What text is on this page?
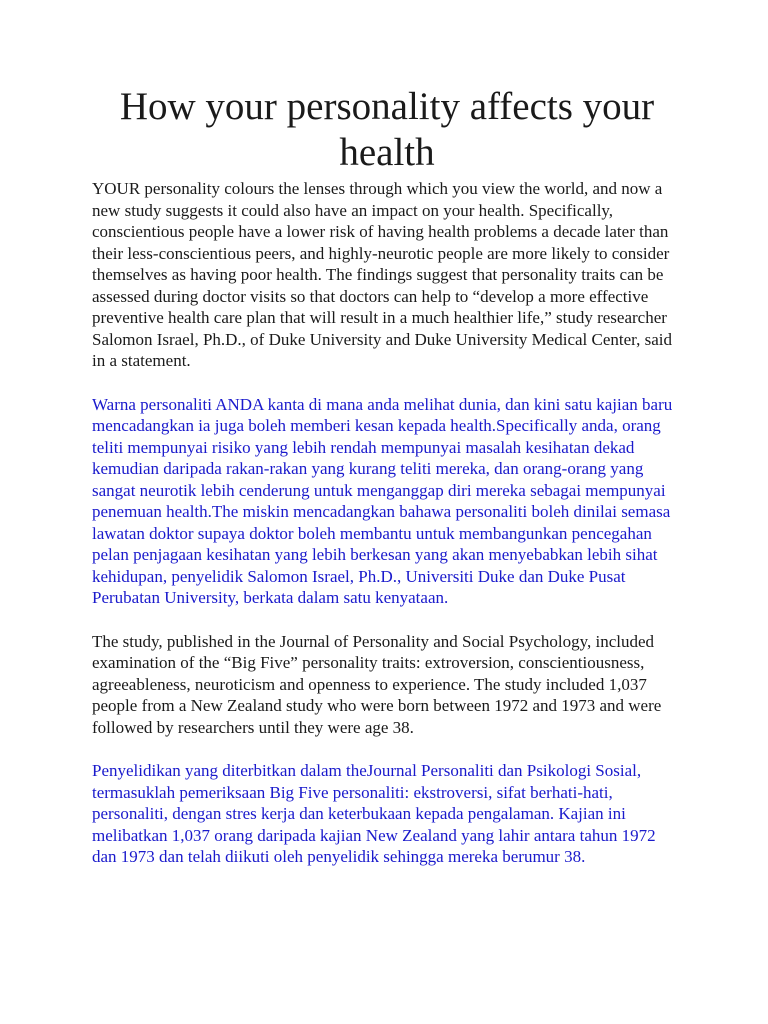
How your personality affects your health

YOUR personality colours the lenses through which you view the world, and now a new study suggests it could also have an impact on your health. Specifically, conscientious people have a lower risk of having health problems a decade later than their less-conscientious peers, and highly-neurotic people are more likely to consider themselves as having poor health. The findings suggest that personality traits can be assessed during doctor visits so that doctors can help to “develop a more effective preventive health care plan that will result in a much healthier life,” study researcher Salomon Israel, Ph.D., of Duke University and Duke University Medical Center, said in a statement.

Warna personaliti ANDA kanta di mana anda melihat dunia, dan kini satu kajian baru mencadangkan ia juga boleh memberi kesan kepada health.Specifically anda, orang teliti mempunyai risiko yang lebih rendah mempunyai masalah kesihatan dekad kemudian daripada rakan-rakan yang kurang teliti mereka, dan orang-orang yang sangat neurotik lebih cenderung untuk menganggap diri mereka sebagai mempunyai penemuan health.The miskin mencadangkan bahawa personaliti boleh dinilai semasa lawatan doktor supaya doktor boleh membantu untuk membangunkan pencegahan pelan penjagaan kesihatan yang lebih berkesan yang akan menyebabkan lebih sihat kehidupan, penyelidik Salomon Israel, Ph.D., Universiti Duke dan Duke Pusat Perubatan University, berkata dalam satu kenyataan.

The study, published in the Journal of Personality and Social Psychology, included examination of the “Big Five” personality traits: extroversion, conscientiousness, agreeableness, neuroticism and openness to experience. The study included 1,037 people from a New Zealand study who were born between 1972 and 1973 and were followed by researchers until they were age 38.

Penyelidikan yang diterbitkan dalam theJournal Personaliti dan Psikologi Sosial, termasuklah pemeriksaan Big Five personaliti: ekstroversi, sifat berhati-hati, personaliti, dengan stres kerja dan keterbukaan kepada pengalaman. Kajian ini melibatkan 1,037 orang daripada kajian New Zealand yang lahir antara tahun 1972 dan 1973 dan telah diikuti oleh penyelidik sehingga mereka berumur 38.
